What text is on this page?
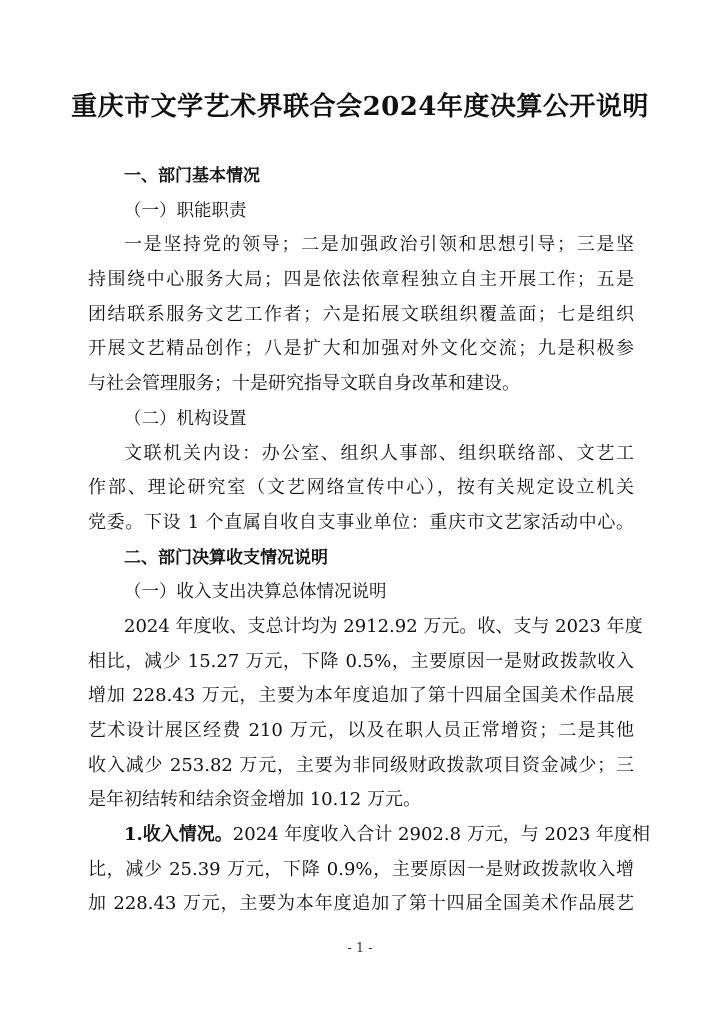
重庆市文学艺术界联合会2024年度决算公开说明
一、部门基本情况
（一）职能职责
一是坚持党的领导；二是加强政治引领和思想引导；三是坚
持围绕中心服务大局；四是依法依章程独立自主开展工作；五是
团结联系服务文艺工作者；六是拓展文联组织覆盖面；七是组织
开展文艺精品创作；八是扩大和加强对外文化交流；九是积极参
与社会管理服务；十是研究指导文联自身改革和建设。
（二）机构设置
文联机关内设：办公室、组织人事部、组织联络部、文艺工
作部、理论研究室（文艺网络宣传中心），按有关规定设立机关
党委。下设 1 个直属自收自支事业单位：重庆市文艺家活动中心。
二、部门决算收支情况说明
（一）收入支出决算总体情况说明
2024 年度收、支总计均为 2912.92 万元。收、支与 2023 年度
相比，减少 15.27 万元，下降 0.5%，主要原因一是财政拨款收入
增加 228.43 万元，主要为本年度追加了第十四届全国美术作品展
艺术设计展区经费 210 万元，以及在职人员正常增资；二是其他
收入减少 253.82 万元，主要为非同级财政拨款项目资金减少；三
是年初结转和结余资金增加 10.12 万元。
1.收入情况。 2024 年度收入合计 2902.8 万元，与 2023 年度相
比，减少 25.39 万元，下降 0.9%，主要原因一是财政拨款收入增
加 228.43 万元，主要为本年度追加了第十四届全国美术作品展艺
- 1 -
